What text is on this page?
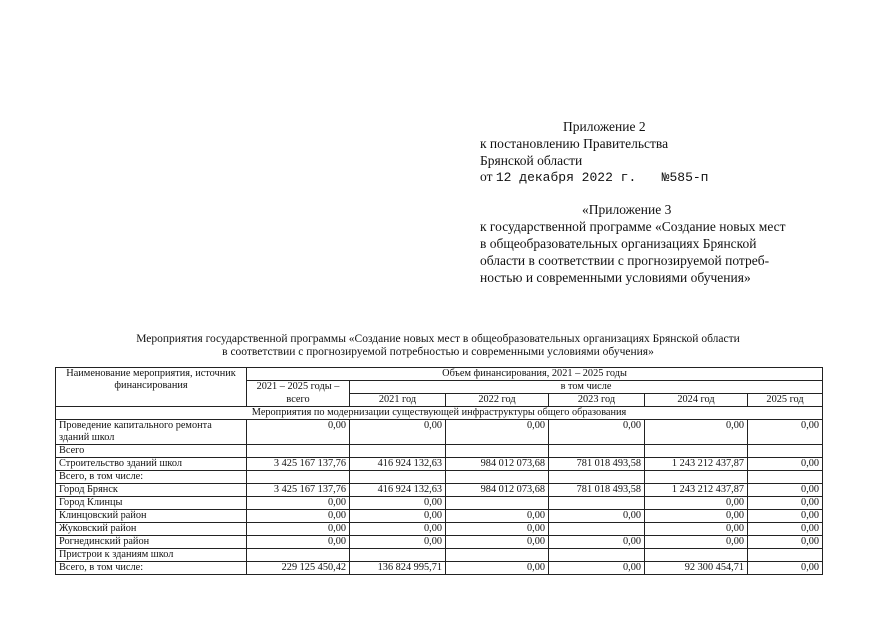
Приложение 2
к постановлению Правительства
Брянской области
от 12 декабря 2022 г. №585-п
«Приложение 3
к государственной программе «Создание новых мест
в общеобразовательных организациях Брянской
области в соответствии с прогнозируемой потреб-
ностью и современными условиями обучения»
Мероприятия государственной программы «Создание новых мест в общеобразовательных организациях Брянской области
в соответствии с прогнозируемой потребностью и современными условиями обучения»
Наименование мероприятия, источник финансирования	Объем финансирования, 2021 – 2025 годы					
	2021 – 2025 годы –	в том числе				
	всего	2021 год	2022 год	2023 год	2024 год	2025 год
Мероприятия по модернизации существующей инфраструктуры общего образования						

Проведение капитального ремонта
зданий школ	0,00	0,00	0,00	0,00	0,00	0,00

Всего						

Строительство зданий школ	3 425 167 137,76	416 924 132,63	984 012 073,68	781 018 493,58	1 243 212 437,87	0,00

Всего, в том числе:						

Город Брянск	3 425 167 137,76	416 924 132,63	984 012 073,68	781 018 493,58	1 243 212 437,87	0,00

Город Клинцы	0,00	0,00			0,00	0,00

Клинцовский район	0,00	0,00	0,00	0,00	0,00	0,00

Жуковский район	0,00	0,00	0,00		0,00	0,00

Рогнединский район	0,00	0,00	0,00	0,00	0,00	0,00

Пристрои к зданиям школ						

Всего, в том числе:	229 125 450,42	136 824 995,71	0,00	0,00	92 300 454,71	0,00
